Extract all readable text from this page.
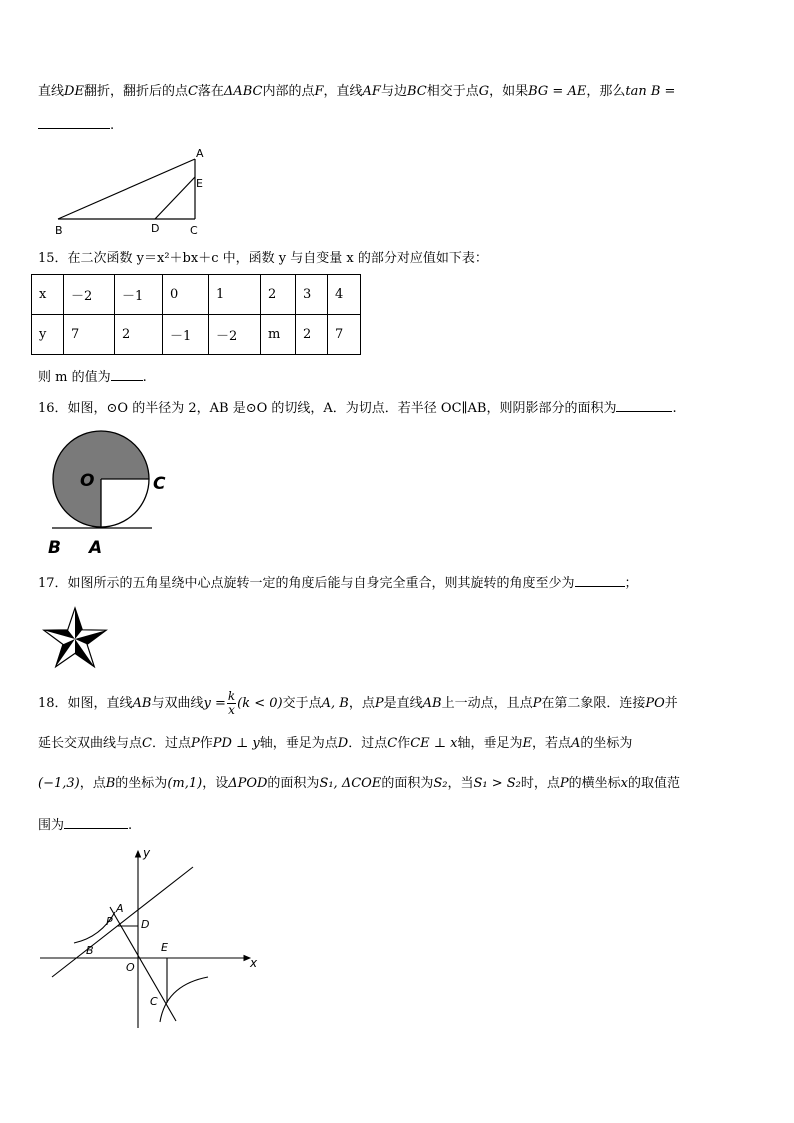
直线DE翻折，翻折后的点C落在ΔABC内部的点F，直线AF与边BC相交于点G，如果BG = AE，那么tan B =
.
A
E
B	D	C
15．在二次函数 y＝x²＋bx＋c 中，函数 y 与自变量 x 的部分对应值如下表：
x	－2	－1	0	1	2	3	4
y	7	2	－1	－2	m	2	7
则 m 的值为 .
16．如图，⊙O 的半径为 2，AB 是⊙O 的切线，A．为切点．若半径 OC∥AB，则阴影部分的面积为	.
O	C
B A
17．如图所示的五角星绕中心点旋转一定的角度后能与自身完全重合，则其旋转的角度至少为	；
18．如图，直线AB与双曲线$y = \frac{k}{x} (k < 0)$交于点A, B，点P是直线AB上一动点，且点P在第二象限．连接PO并
延长交双曲线与点C．过点P作PD ⊥ y轴，垂足为点D．过点C作CE ⊥ x轴，垂足为E，若点A的坐标为
(−1,3)，点B的坐标为(m,1)，设ΔPOD的面积为S₁, ΔCOE的面积为S₂，当S₁ > S₂时，点P的横坐标x的取值范
围为	.
y
x
A
P	D
B	E
O
C
